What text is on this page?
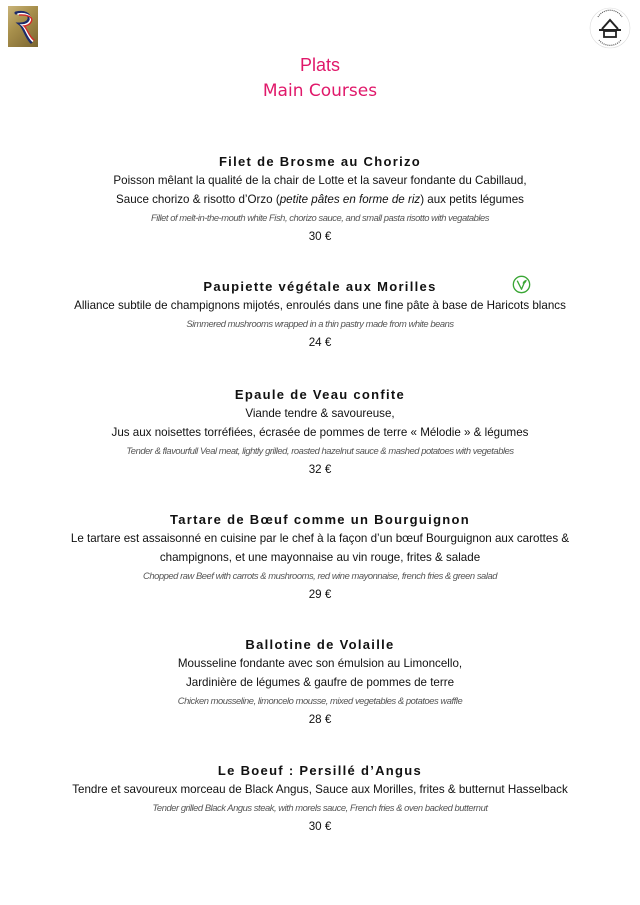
Plats
Main Courses
Filet de Brosme au Chorizo
Poisson mêlant la qualité de la chair de Lotte et la saveur fondante du Cabillaud,
Sauce chorizo & risotto d’Orzo (petite pâtes en forme de riz) aux petits légumes
Fillet of melt-in-the-mouth white Fish, chorizo sauce, and small pasta risotto with vegatables
30 €
Paupiette végétale aux Morilles
Alliance subtile de champignons mijotés, enroulés dans une fine pâte à base de Haricots blancs
Simmered mushrooms wrapped in a thin pastry made from white beans
24 €
Epaule de Veau confite
Viande tendre & savoureuse,
Jus aux noisettes torréfiées, écrasée de pommes de terre « Mélodie » & légumes
Tender & flavourfull Veal meat, lightly grilled, roasted hazelnut sauce & mashed potatoes with vegetables
32 €
Tartare de Bœuf comme un Bourguignon
Le tartare est assaisonné en cuisine par le chef à la façon d’un bœuf Bourguignon aux carottes &
champignons, et une mayonnaise au vin rouge, frites & salade
Chopped raw Beef with carrots & mushrooms, red wine mayonnaise, french fries & green salad
29 €
Ballotine de Volaille
Mousseline fondante avec son émulsion au Limoncello,
Jardinière de légumes & gaufre de pommes de terre
Chicken mousseline, limoncelo mousse, mixed vegetables & potatoes waffle
28 €
Le Boeuf : Persillé d’Angus
Tendre et savoureux morceau de Black Angus, Sauce aux Morilles, frites & butternut Hasselback
Tender grilled Black Angus steak, with morels sauce, French fries & oven backed butternut
30 €
